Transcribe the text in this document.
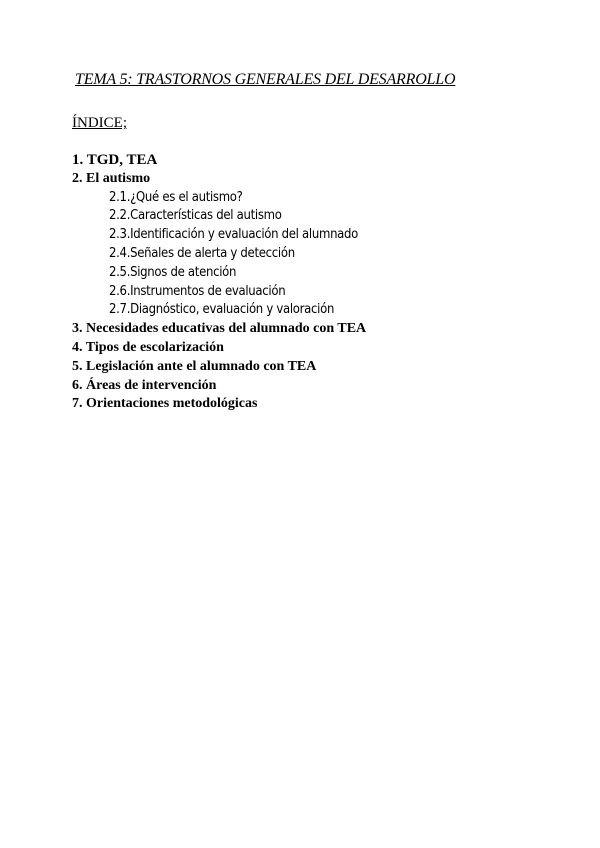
TEMA 5: TRASTORNOS GENERALES DEL DESARROLLO
ÍNDICE;
1. TGD, TEA
2. El autismo
2.1.¿Qué es el autismo?
2.2.Características del autismo
2.3.Identificación y evaluación del alumnado
2.4.Señales de alerta y detección
2.5.Signos de atención
2.6.Instrumentos de evaluación
2.7.Diagnóstico, evaluación y valoración
3. Necesidades educativas del alumnado con TEA
4. Tipos de escolarización
5. Legislación ante el alumnado con TEA
6. Áreas de intervención
7. Orientaciones metodológicas
